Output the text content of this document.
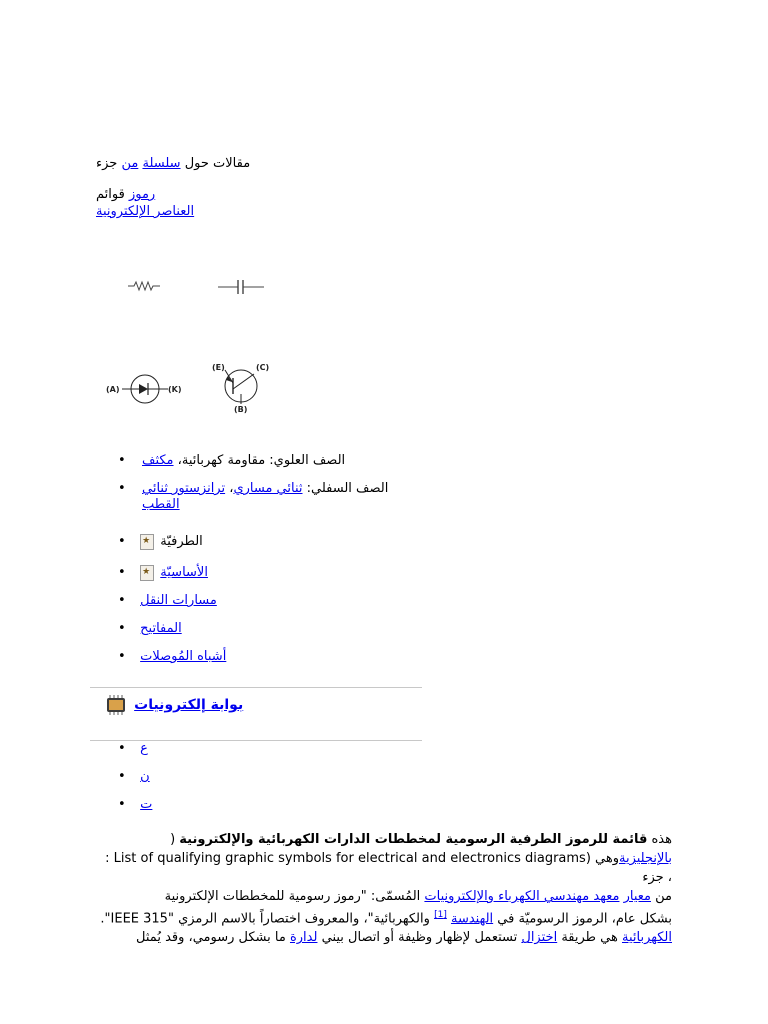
مقالات حول سلسلة من جزء
رموز قوائم
العناصر الإلكترونية
(A)	(K)
(E)	(C)
(B)
•	الصف العلوي: مقاومة كهربائية، مكثف
•	الصف السفلي: ثنائي مساري، ترانزستور ثنائي القطب
• ★	الطرفيّة
• ★	الأساسيّة
• مسارات النقل
• المفاتيح
• أشباه المُوصلات
بوابة إلكترونيات
• ع
• ن
• ت
هذه قائمة للرموز الطرفية الرسومية لمخططات الدارات الكهربائية والإلكترونية (
بالإنجليزية: List of qualifying graphic symbols for electrical and electronics diagrams) وهي جزء ،
من معيار معهد مهندسي الكهرباء والإلكترونيات المُسمّى: "رموز رسومية للمخططات الإلكترونية
بشكل عام، الرموز الرسوميّة في الهندسة [1] والكهربائية"، والمعروف اختصاراً بالاسم الرمزي "IEEE 315".
الكهربائية هي طريقة اختزال تستعمل لإظهار وظيفة أو اتصال بيني لدارة ما بشكل رسومي، وقد يُمثل
